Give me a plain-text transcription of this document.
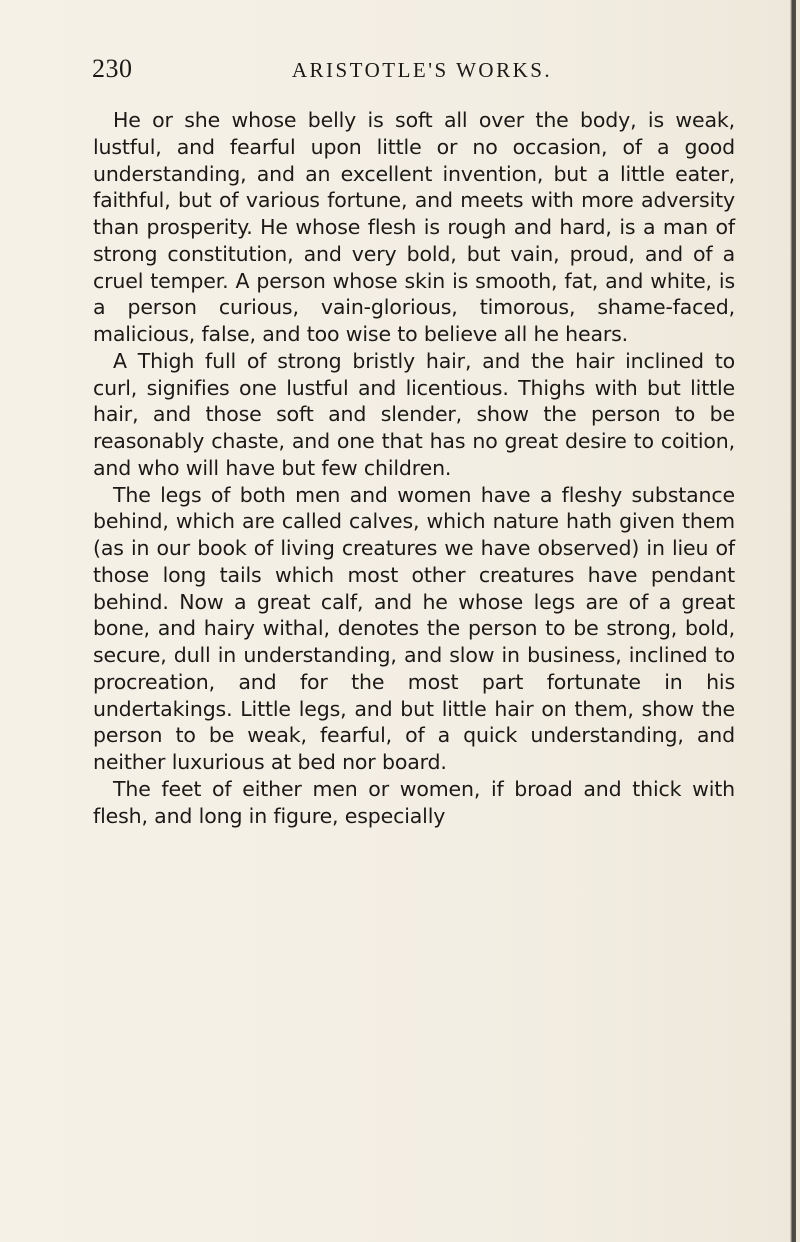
230	ARISTOTLE'S WORKS.

He or she whose belly is soft all over the body, is weak, lustful, and fearful upon little or no occasion, of a good understanding, and an excellent invention, but a little eater, faithful, but of various fortune, and meets with more adversity than prosperity. He whose flesh is rough and hard, is a man of strong constitution, and very bold, but vain, proud, and of a cruel temper. A person whose skin is smooth, fat, and white, is a person curious, vain-glorious, timorous, shame-faced, malicious, false, and too wise to believe all he hears.

A Thigh full of strong bristly hair, and the hair inclined to curl, signifies one lustful and licentious. Thighs with but little hair, and those soft and slender, show the person to be reasonably chaste, and one that has no great desire to coition, and who will have but few children.

The legs of both men and women have a fleshy substance behind, which are called calves, which nature hath given them (as in our book of living creatures we have observed) in lieu of those long tails which most other creatures have pendant behind. Now a great calf, and he whose legs are of a great bone, and hairy withal, denotes the person to be strong, bold, secure, dull in understanding, and slow in business, inclined to procreation, and for the most part fortunate in his undertakings. Little legs, and but little hair on them, show the person to be weak, fearful, of a quick understanding, and neither luxurious at bed nor board.

The feet of either men or women, if broad and thick with flesh, and long in figure, especially
